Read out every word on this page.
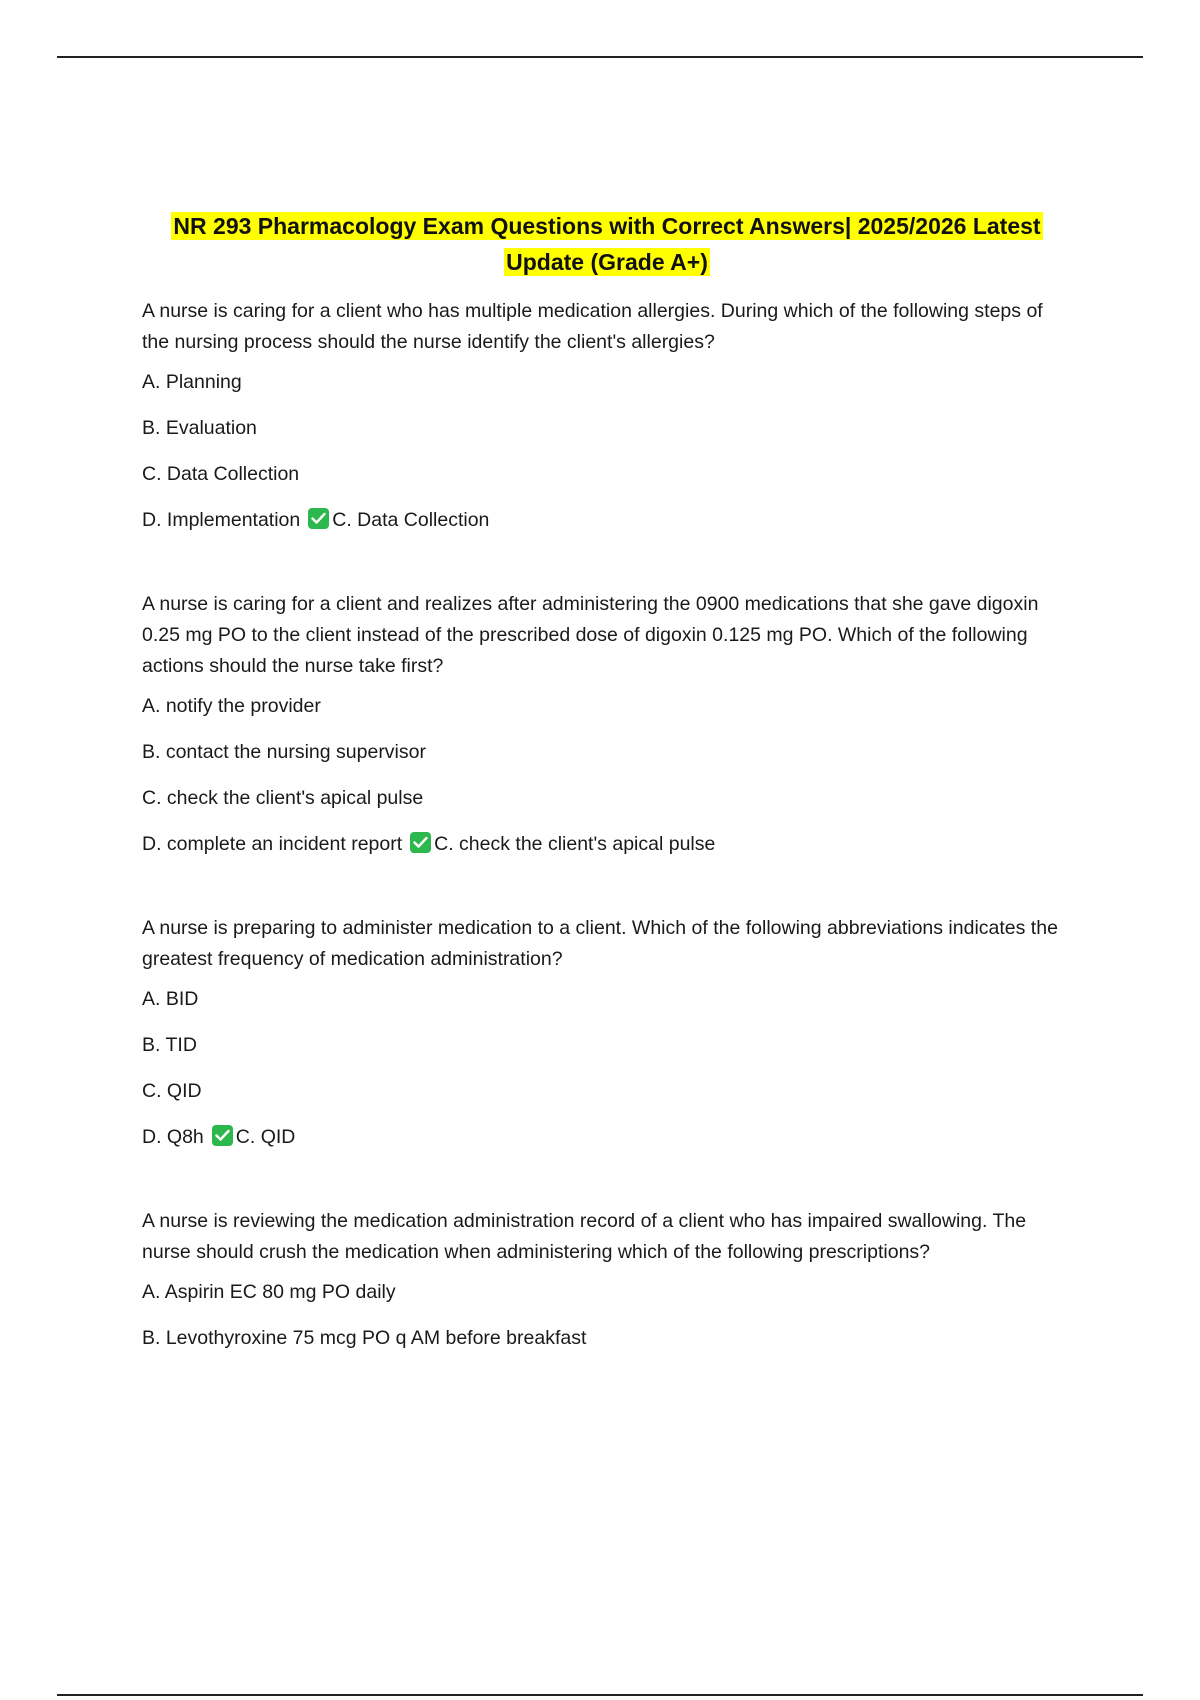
NR 293 Pharmacology Exam Questions with Correct Answers| 2025/2026 Latest
Update (Grade A+)

A nurse is caring for a client who has multiple medication allergies. During which of the following steps of the nursing process should the nurse identify the client's allergies?

A. Planning
B. Evaluation
C. Data Collection
D. Implementation C. Data Collection

A nurse is caring for a client and realizes after administering the 0900 medications that she gave digoxin 0.25 mg PO to the client instead of the prescribed dose of digoxin 0.125 mg PO. Which of the following actions should the nurse take first?

A. notify the provider
B. contact the nursing supervisor
C. check the client's apical pulse
D. complete an incident report C. check the client's apical pulse

A nurse is preparing to administer medication to a client. Which of the following abbreviations indicates the greatest frequency of medication administration?

A. BID
B. TID
C. QID
D. Q8h C. QID

A nurse is reviewing the medication administration record of a client who has impaired swallowing. The nurse should crush the medication when administering which of the following prescriptions?

A. Aspirin EC 80 mg PO daily
B. Levothyroxine 75 mcg PO q AM before breakfast
